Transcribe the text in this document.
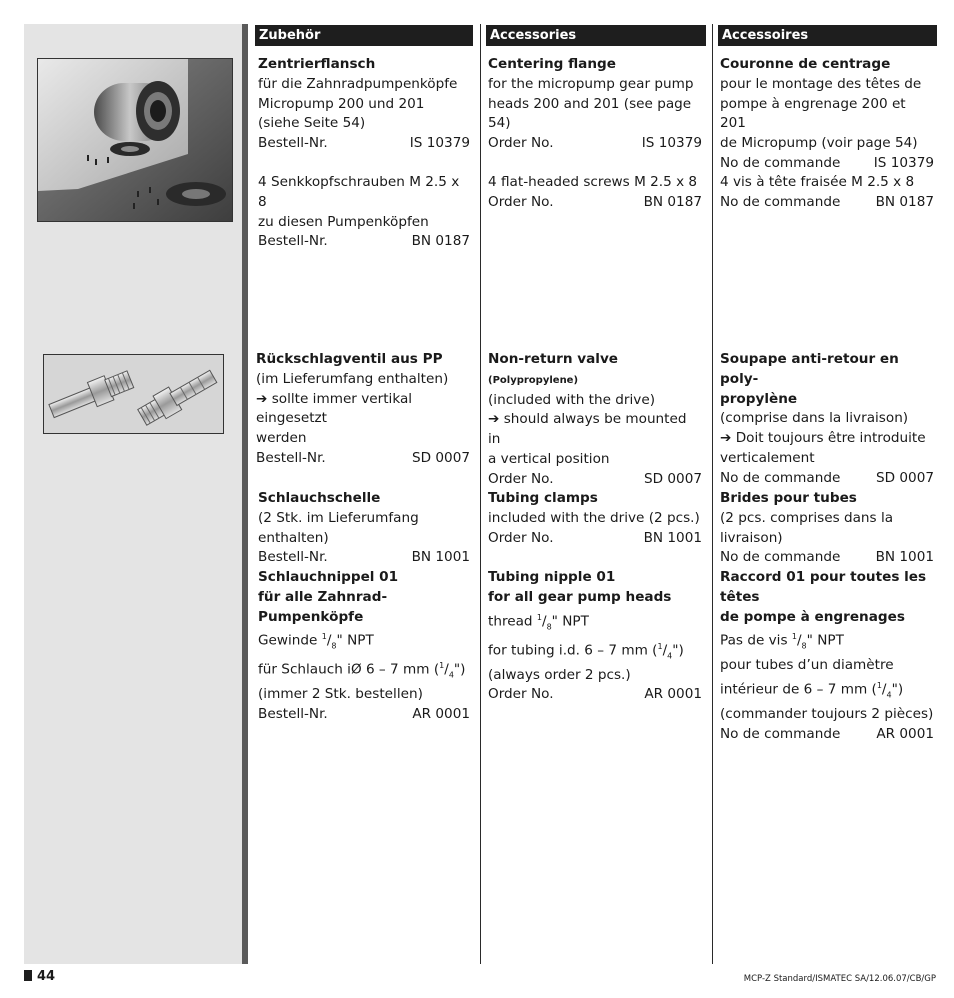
Zubehör	Accessories	Accessoires
Zentrierflansch
für die Zahnradpumpenköpfe
Micropump 200 und 201
(siehe Seite 54)
Bestell-Nr.	IS 10379
4 Senkkopfschrauben M 2.5 x 8
zu diesen Pumpenköpfen
Bestell-Nr.	BN 0187
Rückschlagventil aus PP
(im Lieferumfang enthalten)
➔ sollte immer vertikal eingesetzt
werden
Bestell-Nr.	SD 0007
Schlauchschelle
(2 Stk. im Lieferumfang enthalten)
Bestell-Nr.	BN 1001
Schlauchnippel 01
für alle Zahnrad-Pumpenköpfe
Gewinde $^1/_8$" NPT
für Schlauch iØ 6 – 7 mm $(^1/_4")$
(immer 2 Stk. bestellen)
Bestell-Nr.	AR 0001
Centering flange
for the micropump gear pump
heads 200 and 201 (see page 54)
Order No.	IS 10379
4 flat-headed screws M 2.5 x 8
Order No.	BN 0187
Non-return valve (Polypropylene)
(included with the drive)
➔ should always be mounted in
a vertical position
Order No.	SD 0007
Tubing clamps
included with the drive (2 pcs.)
Order No.	BN 1001
Tubing nipple 01
for all gear pump heads
thread $^1/_8$" NPT
for tubing i.d. 6 – 7 mm $(^1/_4")$
(always order 2 pcs.)
Order No.	AR 0001
Couronne de centrage
pour le montage des têtes de
pompe à engrenage 200 et 201
de Micropump (voir page 54)
No de commande IS 10379
4 vis à tête fraisée M 2.5 x 8
No de commande	BN 0187
Soupape anti-retour en poly-
propylène
(comprise dans la livraison)
➔ Doit toujours être introduite
verticalement
No de commande	SD 0007
Brides pour tubes
(2 pcs. comprises dans la livraison)
No de commande	BN 1001
Raccord 01 pour toutes les têtes
de pompe à engrenages
Pas de vis $^1/_8$" NPT
pour tubes d’un diamètre
intérieur de 6 – 7 mm $(^1/_4")$
(commander toujours 2 pièces)
No de commande	AR 0001
44	MCP-Z Standard/ISMATEC SA/12.06.07/CB/GP
